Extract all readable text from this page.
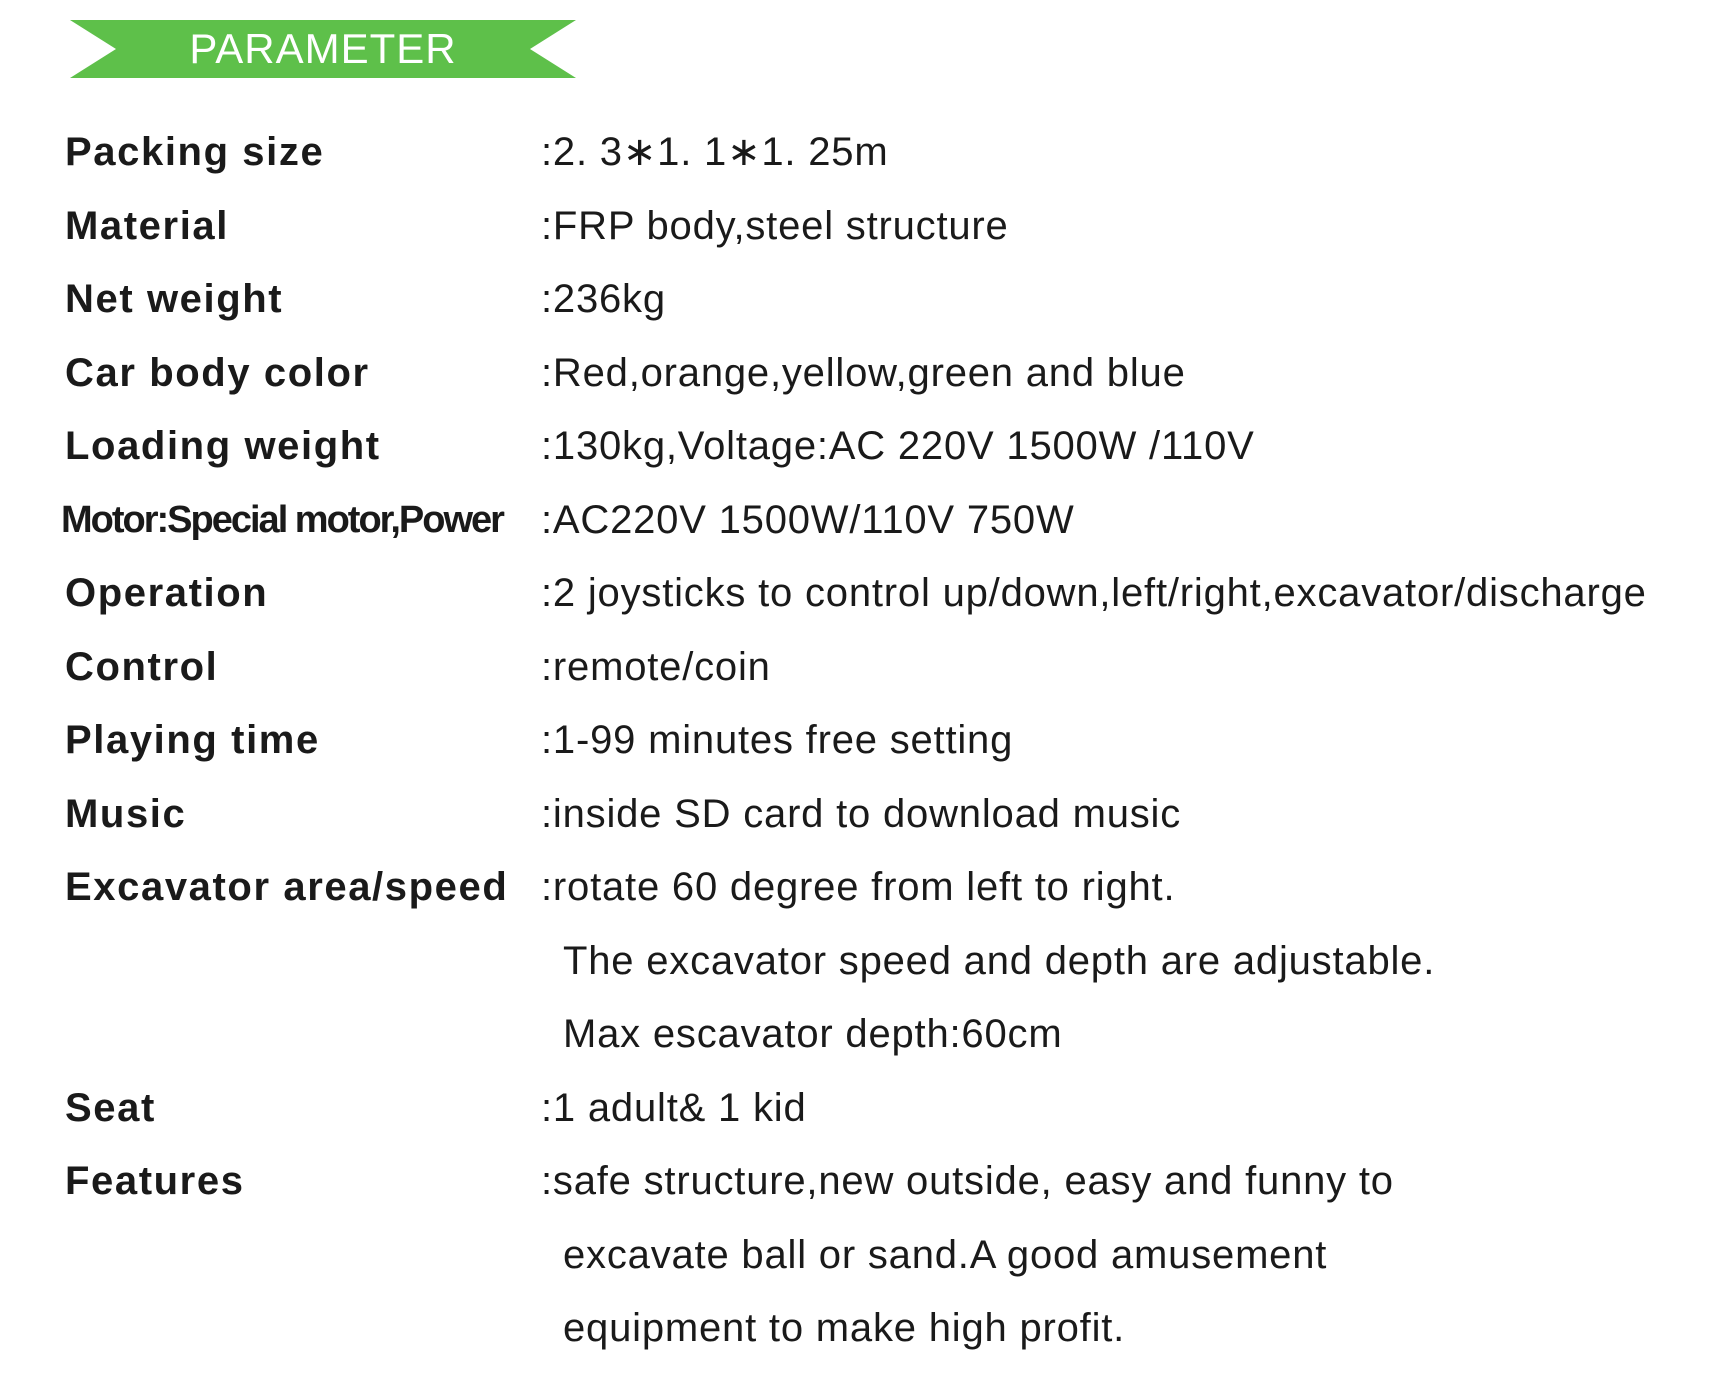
PARAMETER
Packing size	:2. 3∗1. 1∗1. 25m
Material	:FRP body,steel structure
Net weight	:236kg
Car body color	:Red,orange,yellow,green and blue
Loading weight	:130kg,Voltage:AC 220V 1500W /110V
Motor:Special motor,Power :AC220V 1500W/110V 750W
Operation	:2 joysticks to control up/down,left/right,excavator/discharge
Control	:remote/coin
Playing time	:1-99 minutes free setting
Music	:inside SD card to download music
Excavator area/speed :rotate 60 degree from left to right.
The excavator speed and depth are adjustable.
Max escavator depth:60cm
Seat	:1 adult& 1 kid
Features	:safe structure,new outside, easy and funny to
excavate ball or sand.A good amusement
equipment to make high profit.
